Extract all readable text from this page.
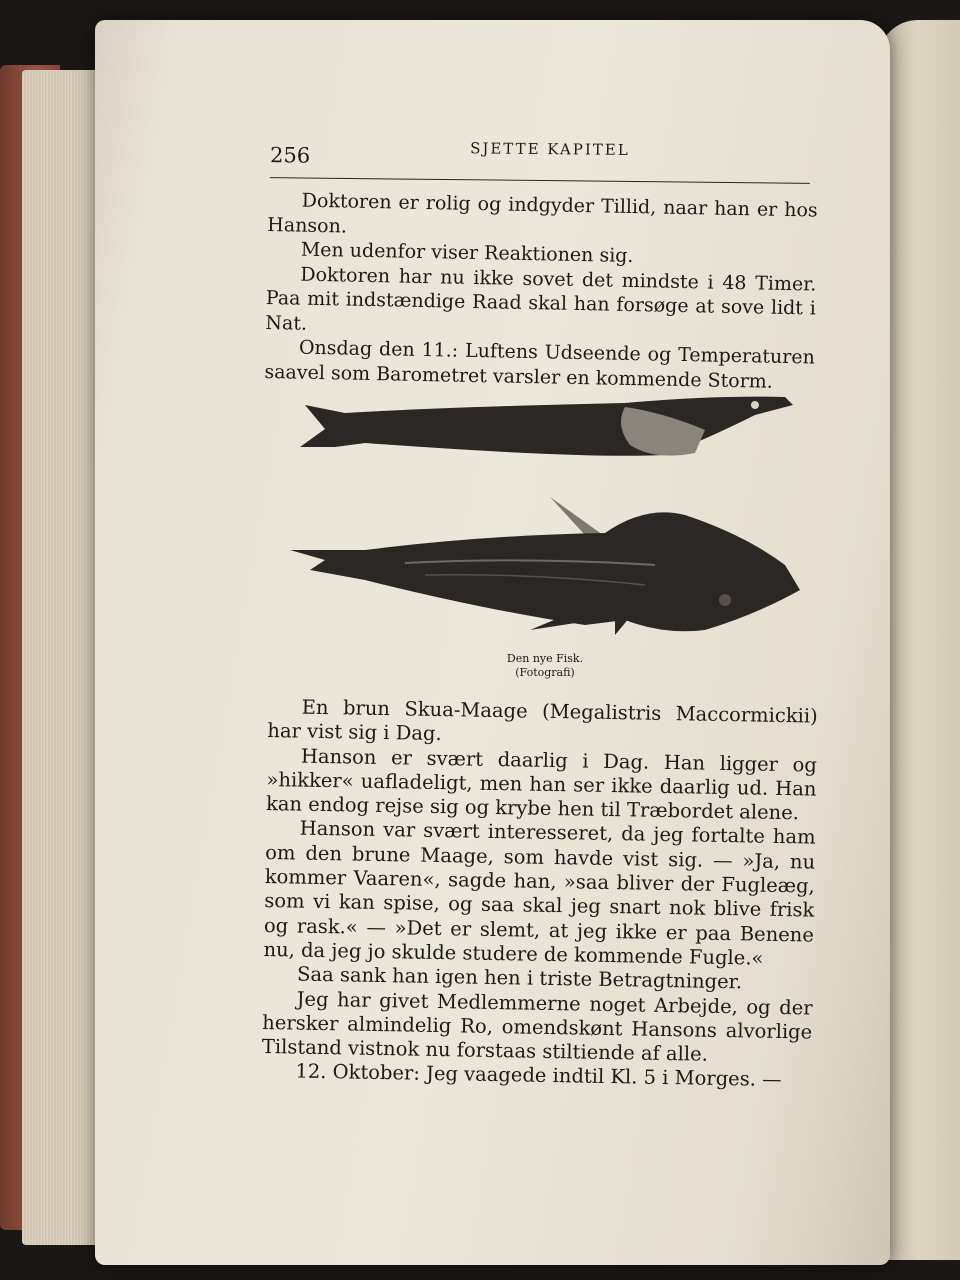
256	SJETTE KAPITEL

Doktoren er rolig og indgyder Tillid, naar han er hos Hanson.

Men udenfor viser Reaktionen sig.

Doktoren har nu ikke sovet det mindste i 48 Timer. Paa mit indstændige Raad skal han forsøge at sove lidt i Nat.

Onsdag den 11.: Luftens Udseende og Temperaturen saavel som Barometret varsler en kommende Storm.

Den nye Fisk.
(Fotografi)

En brun Skua-Maage (Megalistris Maccormickii) har vist sig i Dag.

Hanson er svært daarlig i Dag. Han ligger og »hikker« uafladeligt, men han ser ikke daarlig ud. Han kan endog rejse sig og krybe hen til Træbordet alene.

Hanson var svært interesseret, da jeg fortalte ham om den brune Maage, som havde vist sig. — »Ja, nu kommer Vaaren«, sagde han, »saa bliver der Fugleæg, som vi kan spise, og saa skal jeg snart nok blive frisk og rask.« — »Det er slemt, at jeg ikke er paa Benene nu, da jeg jo skulde studere de kommende Fugle.«

Saa sank han igen hen i triste Betragtninger.

Jeg har givet Medlemmerne noget Arbejde, og der hersker almindelig Ro, omendskønt Hansons alvorlige Tilstand vistnok nu forstaas stiltiende af alle.

12. Oktober: Jeg vaagede indtil Kl. 5 i Morges. —
